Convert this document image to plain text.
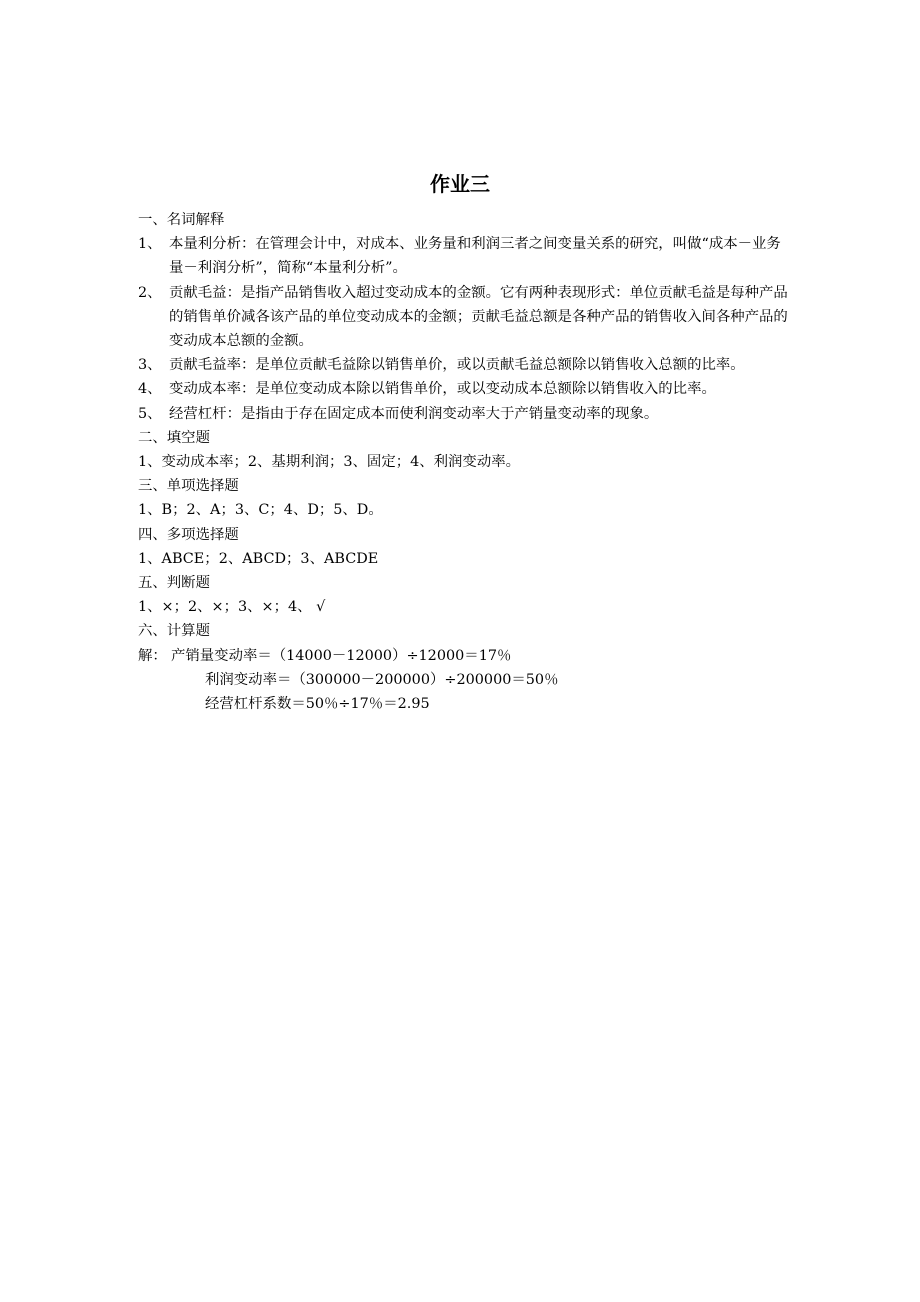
作业三

一、名词解释

1、 本量利分析：在管理会计中，对成本、业务量和利润三者之间变量关系的研究，叫做“成本－业务量－利润分析”，简称“本量利分析”。
2、 贡献毛益：是指产品销售收入超过变动成本的金额。它有两种表现形式：单位贡献毛益是每种产品的销售单价减各该产品的单位变动成本的金额；贡献毛益总额是各种产品的销售收入间各种产品的变动成本总额的金额。
3、 贡献毛益率：是单位贡献毛益除以销售单价，或以贡献毛益总额除以销售收入总额的比率。
4、 变动成本率：是单位变动成本除以销售单价，或以变动成本总额除以销售收入的比率。
5、 经营杠杆：是指由于存在固定成本而使利润变动率大于产销量变动率的现象。

二、填空题

1、变动成本率；2、基期利润；3、固定；4、利润变动率。

三、单项选择题

1、B；2、A；3、C；4、D；5、D。

四、多项选择题

1、ABCE；2、ABCD；3、ABCDE

五、判断题

1、×；2、×；3、×；4、 √

六、计算题

解： 产销量变动率＝（14000－12000）÷12000＝17％

利润变动率＝（300000－200000）÷200000＝50％

经营杠杆系数＝50％÷17％＝2.95
